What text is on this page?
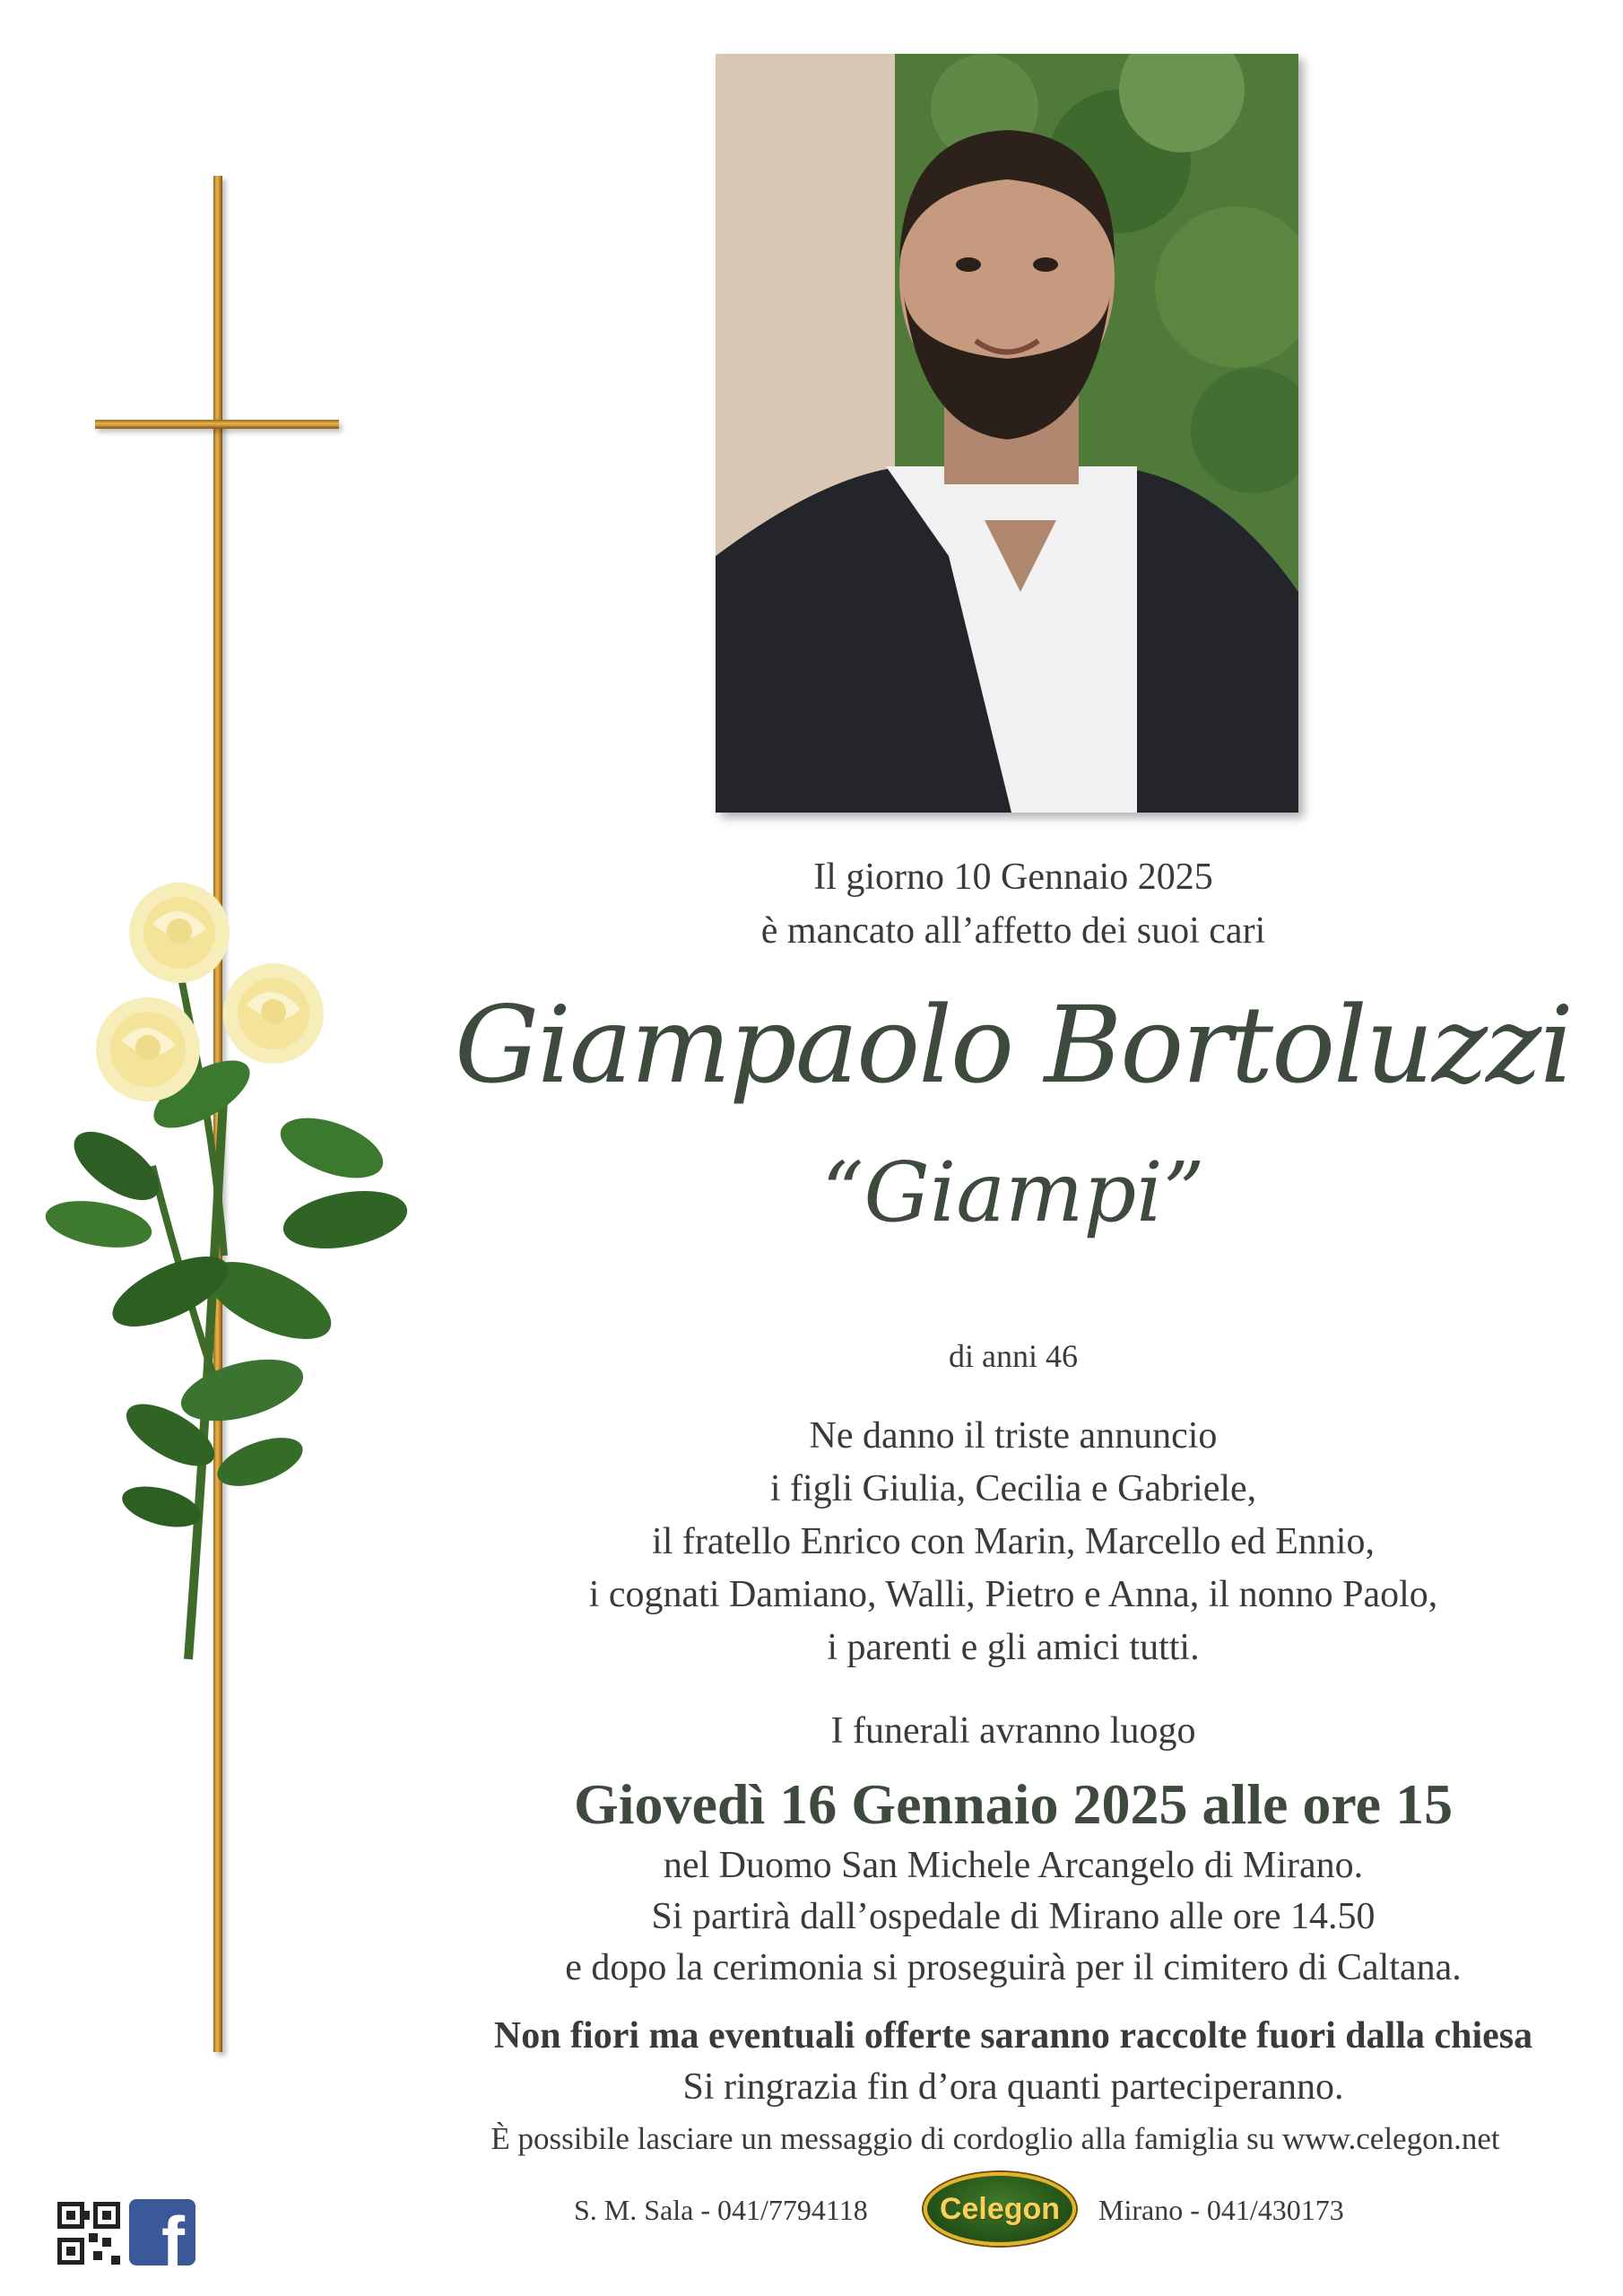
Il giorno 10 Gennaio 2025
è mancato all’affetto dei suoi cari
Giampaolo Bortoluzzi
“Giampi”
di anni 46
Ne danno il triste annuncio
i figli Giulia, Cecilia e Gabriele,
il fratello Enrico con Marin, Marcello ed Ennio,
i cognati Damiano, Walli, Pietro e Anna, il nonno Paolo,
i parenti e gli amici tutti.
I funerali avranno luogo
Giovedì 16 Gennaio 2025 alle ore 15
nel Duomo San Michele Arcangelo di Mirano.
Si partirà dall’ospedale di Mirano alle ore 14.50
e dopo la cerimonia si proseguirà per il cimitero di Caltana.
Non fiori ma eventuali offerte saranno raccolte fuori dalla chiesa
Si ringrazia fin d’ora quanti parteciperanno.
È possibile lasciare un messaggio di cordoglio alla famiglia su www.celegon.net
f	S. M. Sala - 041/7794118 Celegon Mirano - 041/430173
